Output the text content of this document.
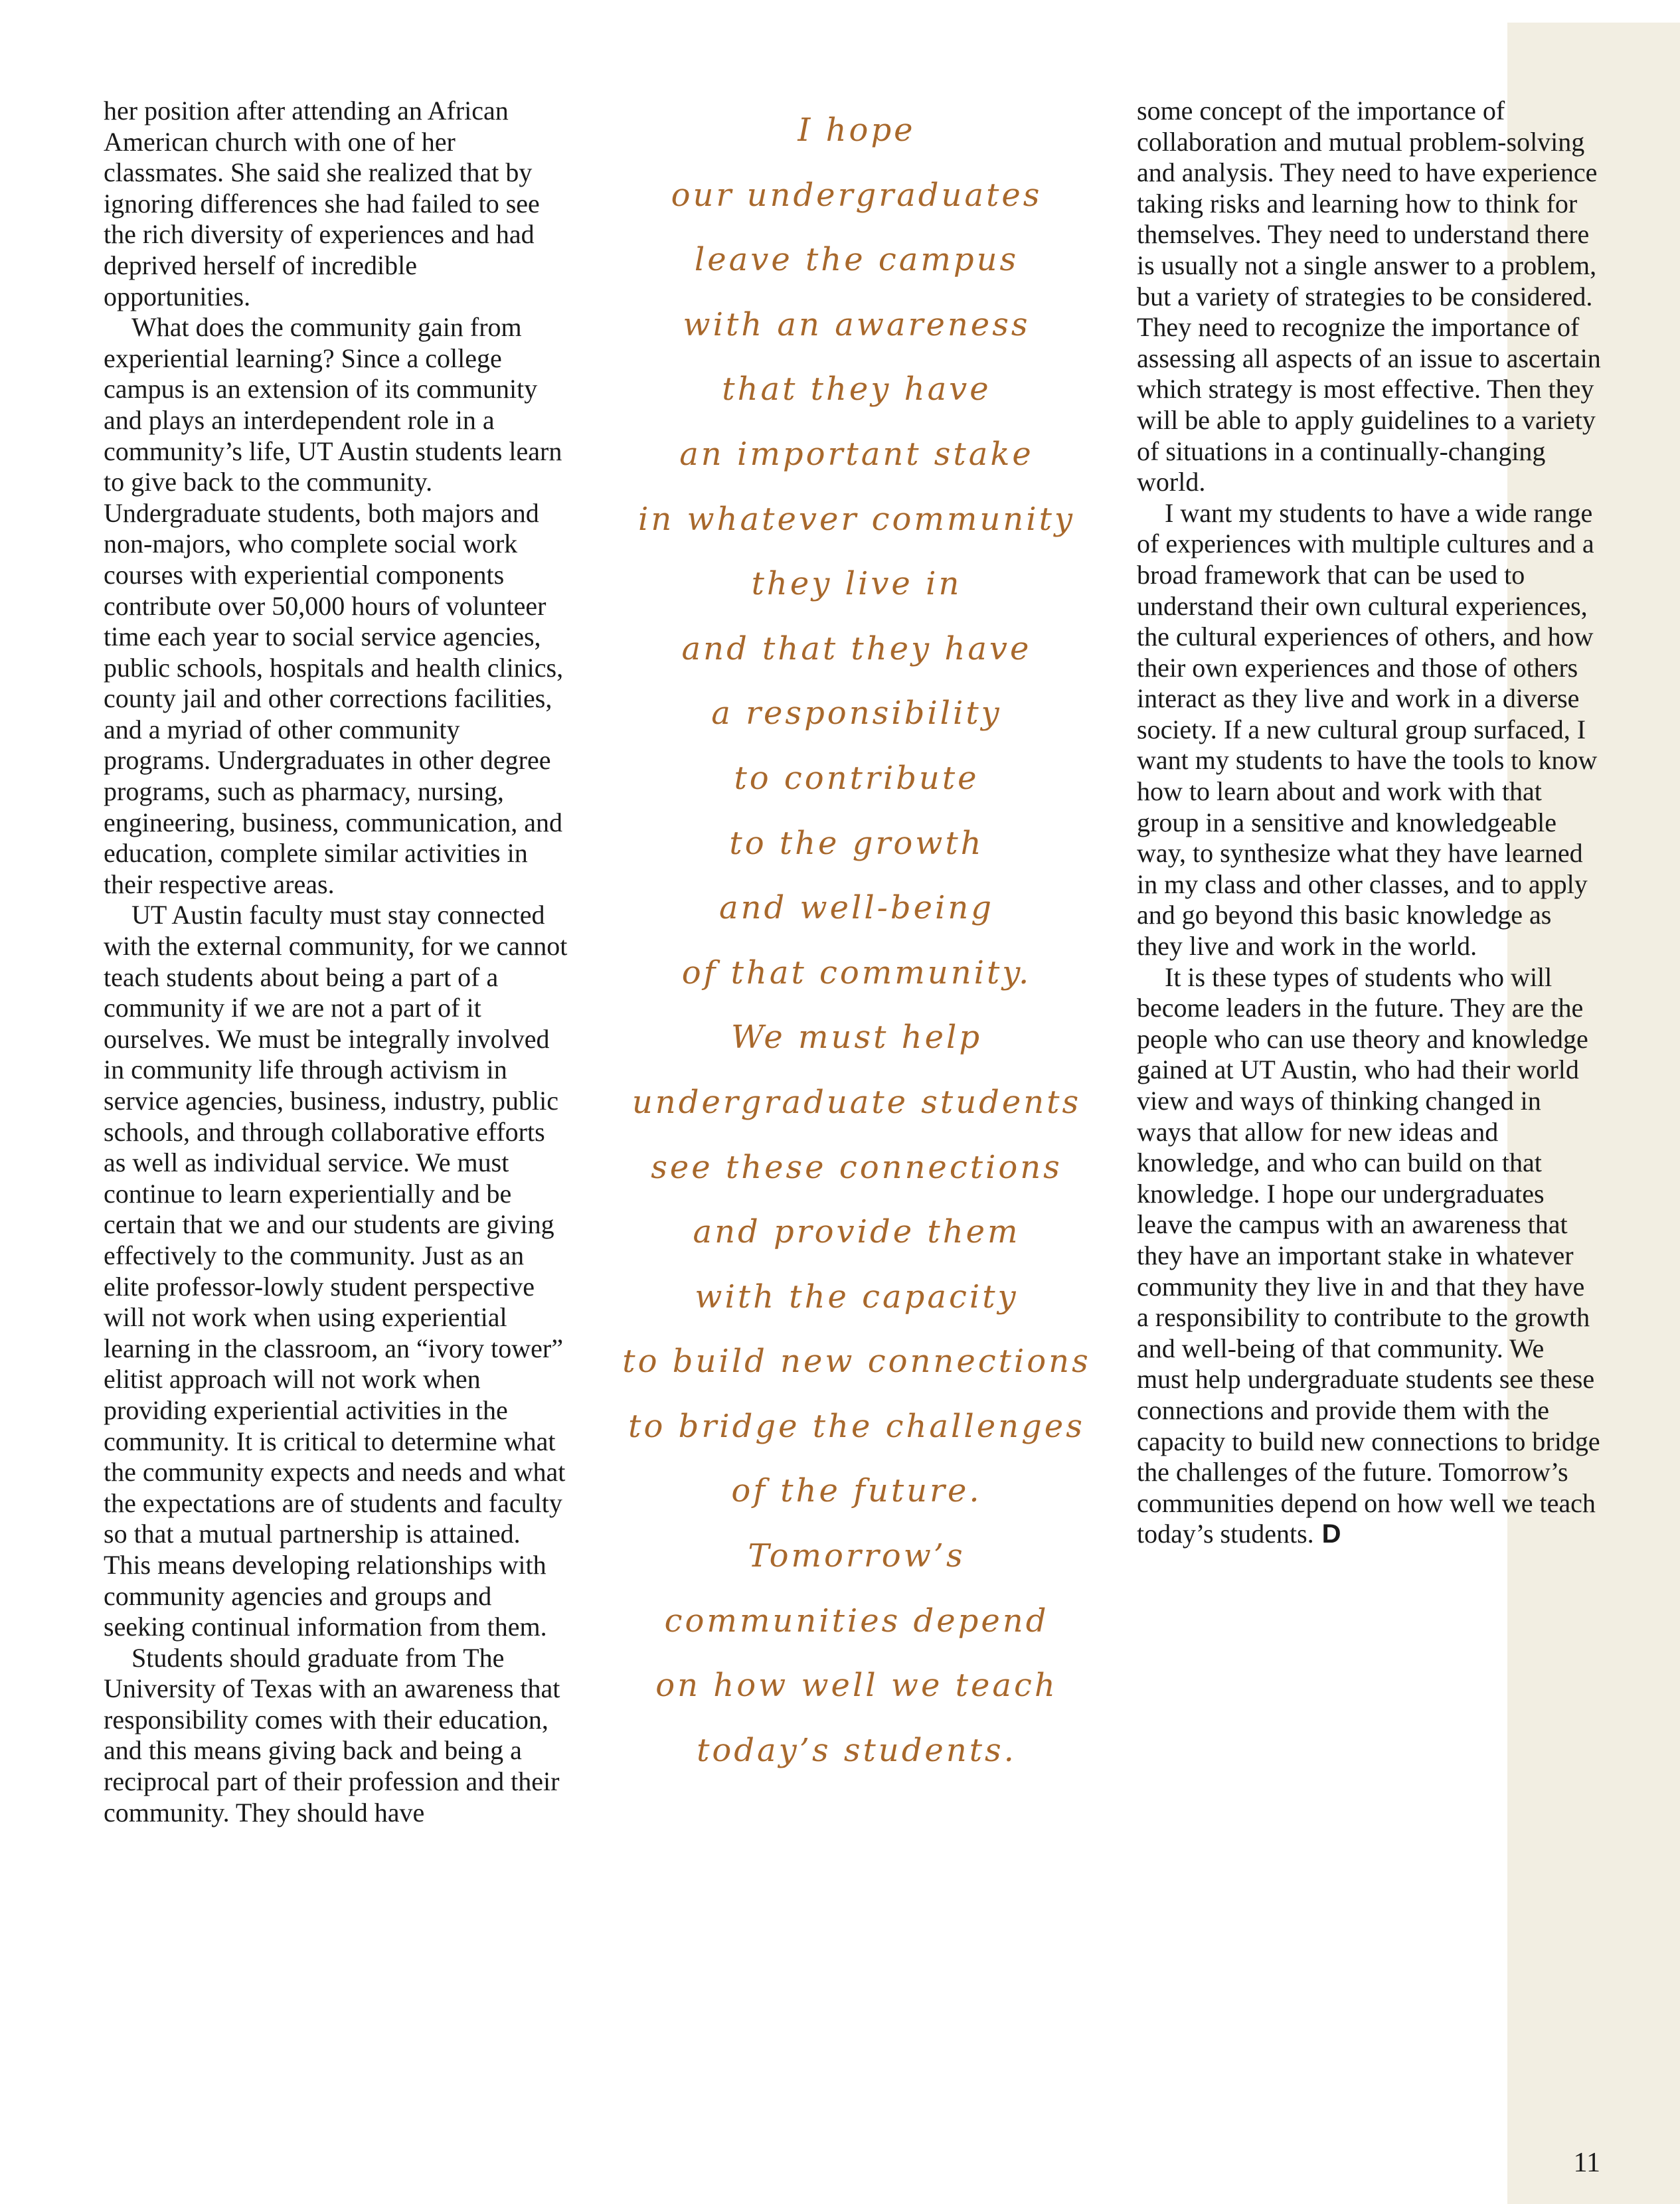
her position after attending an African American church with one of her classmates. She said she realized that by ignoring differences she had failed to see the rich diversity of experiences and had deprived herself of incredible opportunities.

What does the community gain from experiential learning? Since a college campus is an extension of its community and plays an interdependent role in a community’s life, UT Austin students learn to give back to the community. Undergraduate students, both majors and non-majors, who complete social work courses with experiential components contribute over 50,000 hours of volunteer time each year to social service agencies, public schools, hospitals and health clinics, county jail and other corrections facilities, and a myriad of other community programs. Undergraduates in other degree programs, such as pharmacy, nursing, engineering, business, communication, and education, complete similar activities in their respective areas.

UT Austin faculty must stay connected with the external community, for we cannot teach students about being a part of a community if we are not a part of it ourselves. We must be integrally involved in community life through activism in service agencies, business, industry, public schools, and through collaborative efforts as well as individual service. We must continue to learn experientially and be certain that we and our students are giving effectively to the community. Just as an elite professor-lowly student perspective will not work when using experiential learning in the classroom, an “ivory tower” elitist approach will not work when providing experiential activities in the community. It is critical to determine what the community expects and needs and what the expectations are of students and faculty so that a mutual partnership is attained. This means developing relationships with community agencies and groups and seeking continual information from them.

Students should graduate from The University of Texas with an awareness that responsibility comes with their education, and this means giving back and being a reciprocal part of their profession and their community. They should have

I hope
our undergraduates
leave the campus
with an awareness
that they have
an important stake
in whatever community
they live in
and that they have
a responsibility
to contribute
to the growth
and well-being
of that community.
We must help
undergraduate students
see these connections
and provide them
with the capacity
to build new connections
to bridge the challenges
of the future.
Tomorrow’s
communities depend
on how well we teach
today’s students.

some concept of the importance of collaboration and mutual problem-solving and analysis. They need to have experience taking risks and learning how to think for themselves. They need to understand there is usually not a single answer to a problem, but a variety of strategies to be considered. They need to recognize the importance of assessing all aspects of an issue to ascertain which strategy is most effective. Then they will be able to apply guidelines to a variety of situations in a continually-changing world.

I want my students to have a wide range of experiences with multiple cultures and a broad framework that can be used to understand their own cultural experiences, the cultural experiences of others, and how their own experiences and those of others interact as they live and work in a diverse society. If a new cultural group surfaced, I want my students to have the tools to know how to learn about and work with that group in a sensitive and knowledgeable way, to synthesize what they have learned in my class and other classes, and to apply and go beyond this basic knowledge as they live and work in the world.

It is these types of students who will become leaders in the future. They are the people who can use theory and knowledge gained at UT Austin, who had their world view and ways of thinking changed in ways that allow for new ideas and knowledge, and who can build on that knowledge. I hope our undergraduates leave the campus with an awareness that they have an important stake in whatever community they live in and that they have a responsibility to contribute to the growth and well-being of that community. We must help undergraduate students see these connections and provide them with the capacity to build new connections to bridge the challenges of the future. Tomorrow’s communities depend on how well we teach today’s students. D

11
